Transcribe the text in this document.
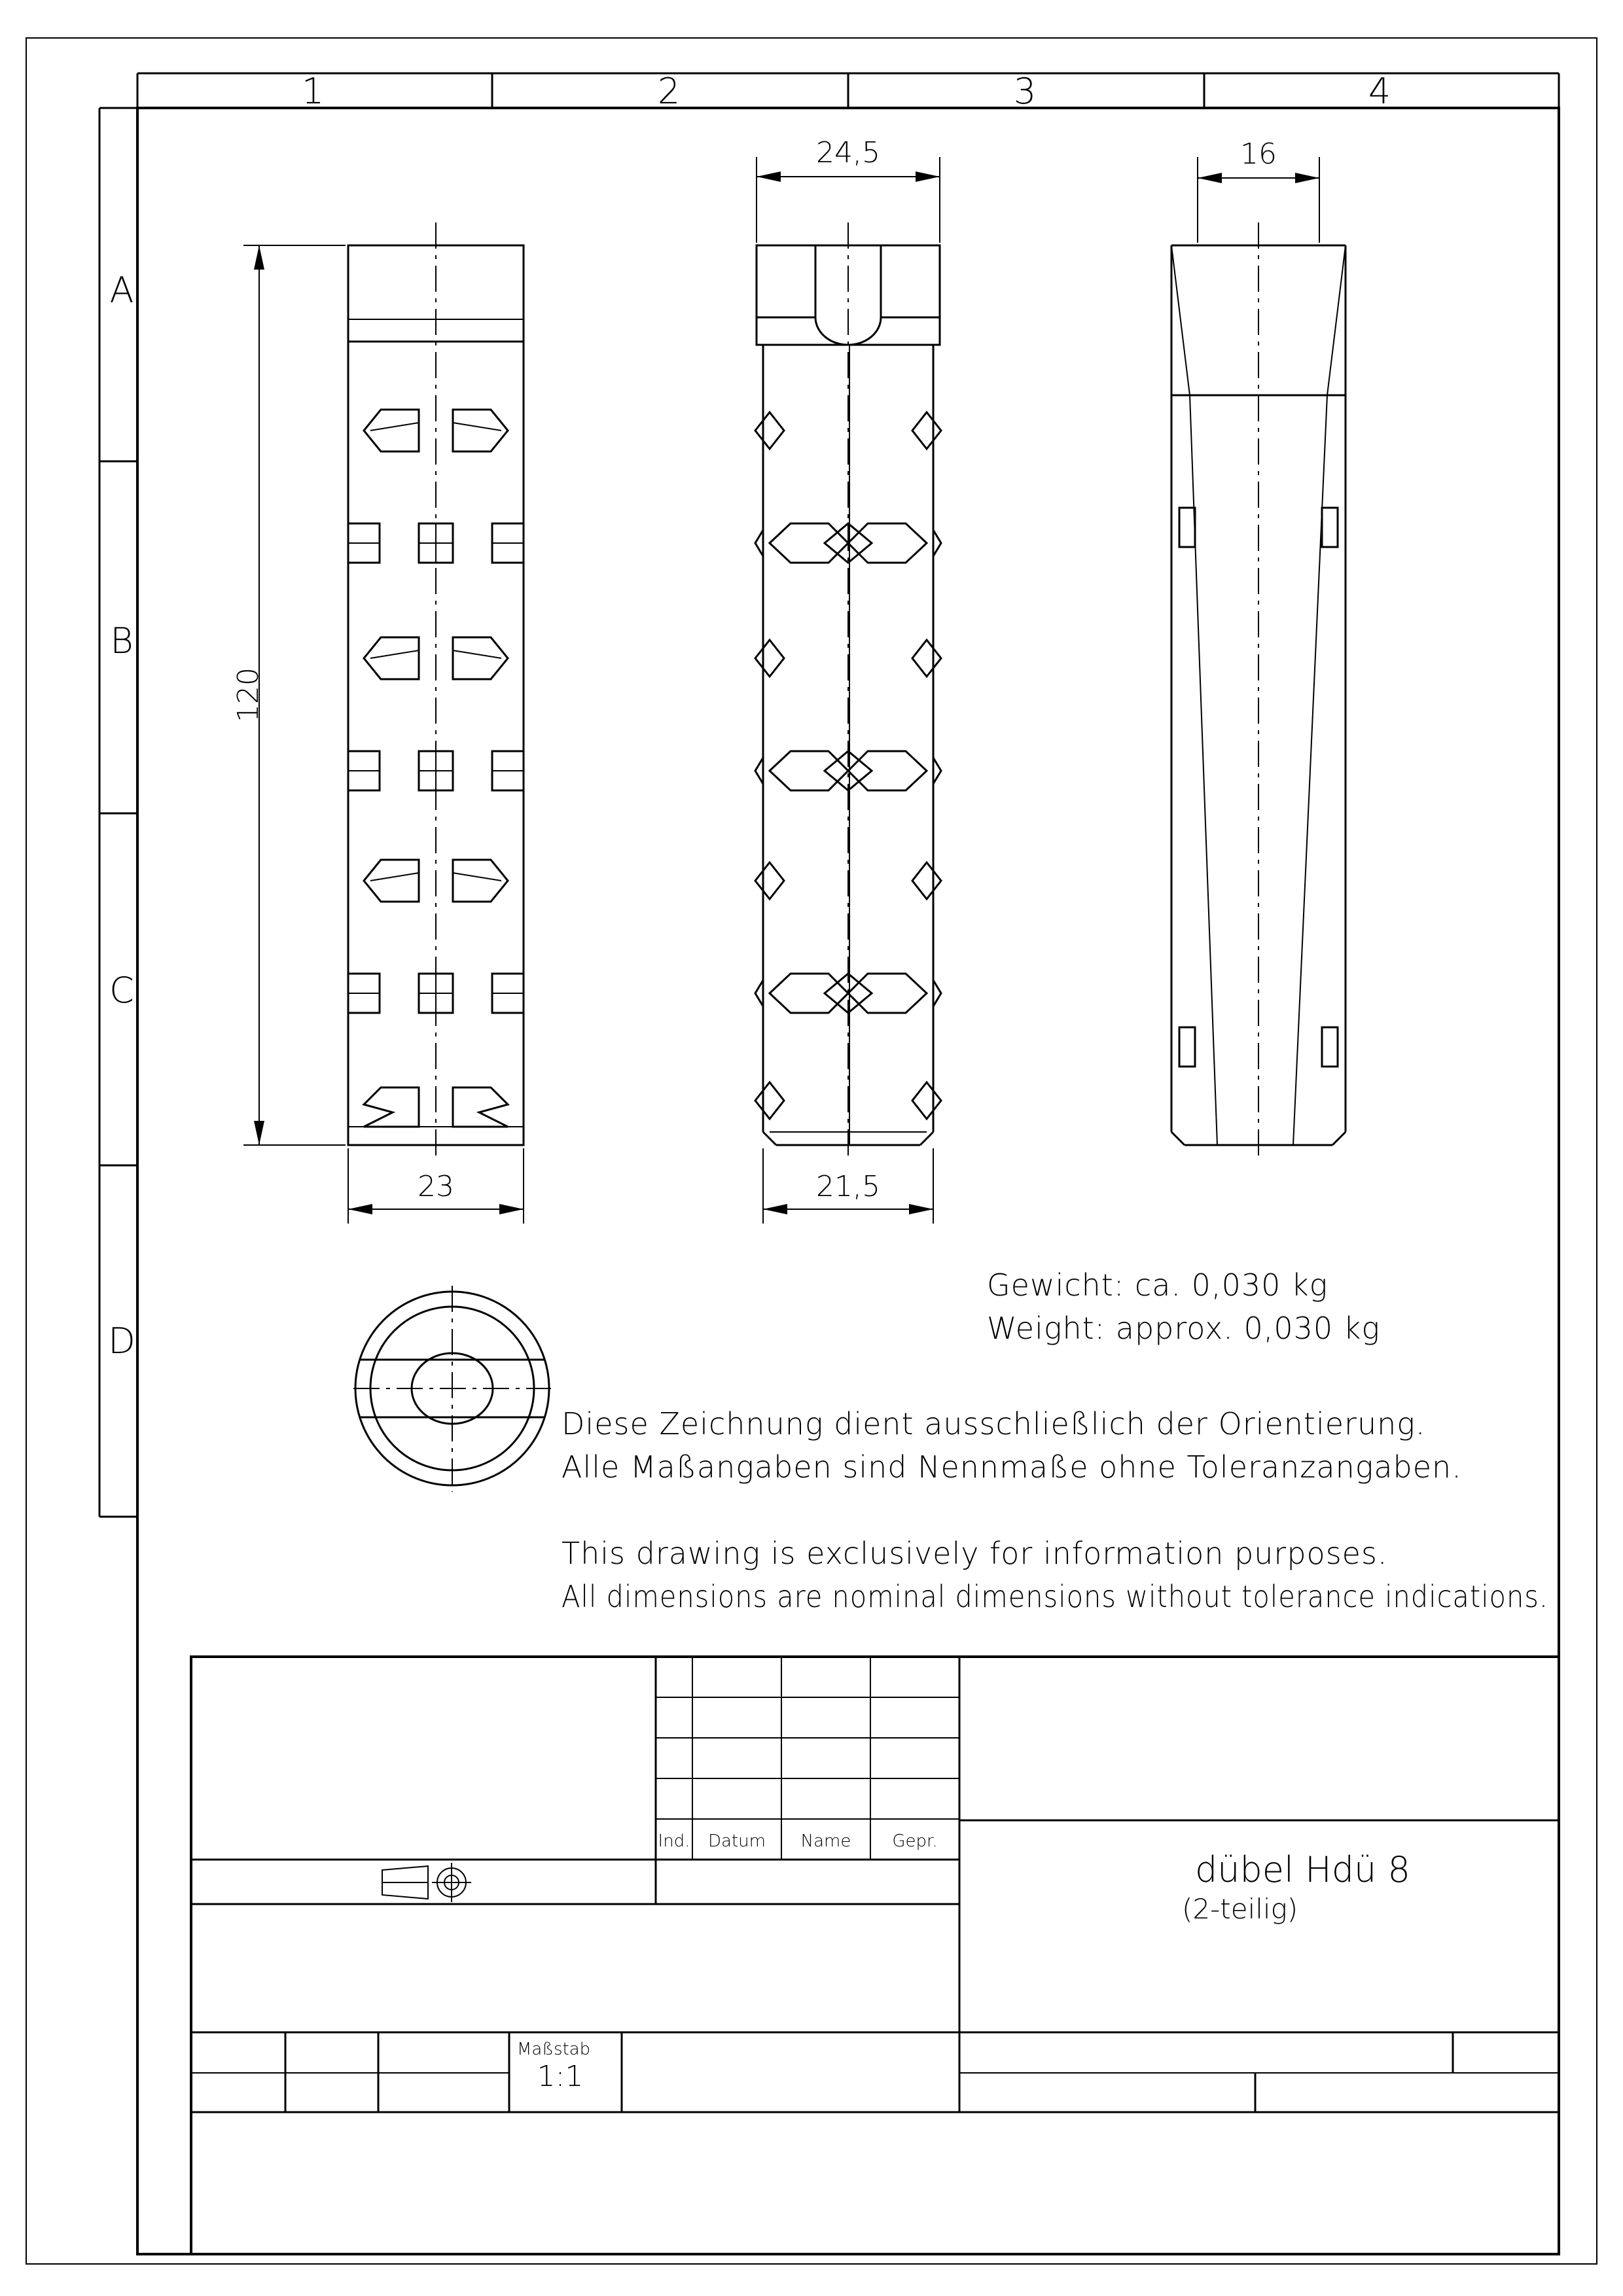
1	2	3	4
A
B
C
D
120
23
24,5
21,5
16
Gewicht: ca. 0,030 kg
Weight: approx. 0,030 kg
Diese Zeichnung dient ausschließlich der Orientierung.
Alle Maßangaben sind Nennmaße ohne Toleranzangaben.
This drawing is exclusively for information purposes.
All dimensions are nominal dimensions without tolerance indications.
Ind. Datum Name Gepr.
dübel Hdü 8
(2-teilig)
Maßstab
1:1
